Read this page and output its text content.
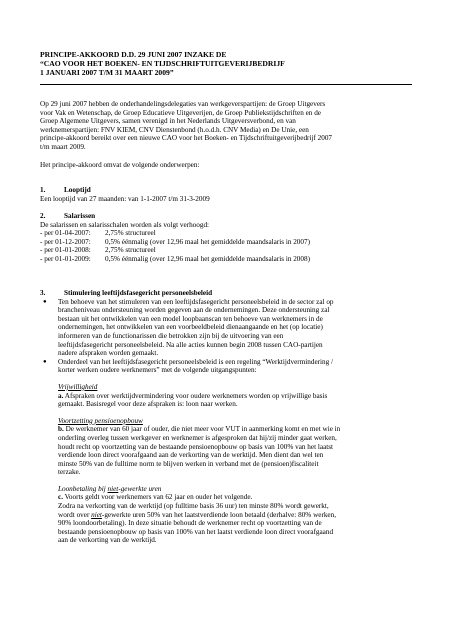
PRINCIPE-AKKOORD D.D. 29 JUNI 2007 INZAKE DE
“CAO VOOR HET BOEKEN- EN TIJDSCHRIFTUITGEVERIJBEDRIJF
1 JANUARI 2007 T/M 31 MAART 2009”
Op 29 juni 2007 hebben de onderhandelingsdelegaties van werkgeverspartijen: de Groep Uitgevers
voor Vak en Wetenschap, de Groep Educatieve Uitgeverijen, de Groep Publiekstijdschriften en de
Groep Algemene Uitgevers, samen verenigd in het Nederlands Uitgeversverbond, en van
werknemerspartijen: FNV KIEM, CNV Dienstenbond (h.o.d.h. CNV Media) en De Unie, een
principe-akkoord bereikt over een nieuwe CAO voor het Boeken- en Tijdschriftuitgeverijbedrijf 2007
t/m maart 2009.
Het principe-akkoord omvat de volgende onderwerpen:
1.	Looptijd
Een looptijd van 27 maanden: van 1-1-2007 t/m 31-3-2009
2.	Salarissen
De salarissen en salarisschalen worden als volgt verhoogd:
- per 01-04-2007: 2,75% structureel
- per 01-12-2007: 0,5% éénmalig (over 12,96 maal het gemiddelde maandsalaris in 2007)
- per 01-01-2008: 2,75% structureel
- per 01-01-2009: 0,5% éénmalig (over 12,96 maal het gemiddelde maandsalaris in 2008)
3.	Stimulering leeftijdsfasegericht personeelsbeleid
● Ten behoeve van het stimuleren van een leeftijdsfasegericht personeelsbeleid in de sector zal op
brancheniveau ondersteuning worden gegeven aan de ondernemingen. Deze ondersteuning zal
bestaan uit het ontwikkelen van een model loopbaanscan ten behoeve van werknemers in de
ondernemingen, het ontwikkelen van een voorbeeldbeleid dienaangaande en het (op locatie)
informeren van de functionarissen die betrokken zijn bij de uitvoering van een
leeftijdsfasegericht personeelsbeleid. Na alle acties kunnen begin 2008 tussen CAO-partijen
nadere afspraken worden gemaakt.
● Onderdeel van het leeftijdsfasegericht personeelsbeleid is een regeling “Werktijdvermindering /
korter werken oudere werknemers” met de volgende uitgangspunten:
Vrijwilligheid
a. Afspraken over werktijdvermindering voor oudere werknemers worden op vrijwillige basis
gemaakt. Basisregel voor deze afspraken is: loon naar werken.
Voortzetting pensioenopbouw
b. De werknemer van 60 jaar of ouder, die niet meer voor VUT in aanmerking komt en met wie in
onderling overleg tussen werkgever en werknemer is afgesproken dat hij/zij minder gaat werken,
houdt recht op voortzetting van de bestaande pensioenopbouw op basis van 100% van het laatst
verdiende loon direct voorafgaand aan de verkorting van de werktijd. Men dient dan wel ten
minste 50% van de fulltime norm te blijven werken in verband met de (pensioen)fiscaliteit
terzake.
Loonbetaling bij niet-gewerkte uren
c. Voorts geldt voor werknemers van 62 jaar en ouder het volgende.
Zodra na verkorting van de werktijd (op fulltime basis 36 uur) ten minste 80% wordt gewerkt,
wordt over niet-gewerkte uren 50% van het laatstverdiende loon betaald (derhalve: 80% werken,
90% loondoorbetaling). In deze situatie behoudt de werknemer recht op voortzetting van de
bestaande pensioenopbouw op basis van 100% van het laatst verdiende loon direct voorafgaand
aan de verkorting van de werktijd.
